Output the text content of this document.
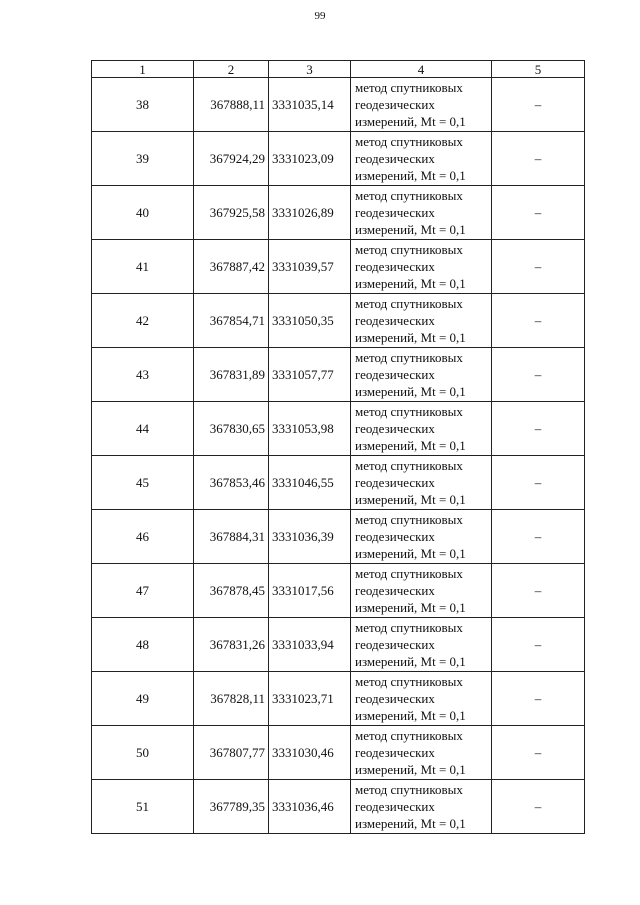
99
1	2	3	4	5
38	367888,11	3331035,14	метод спутниковых
геодезических
измерений, Mt = 0,1	–
39	367924,29	3331023,09	метод спутниковых
геодезических
измерений, Mt = 0,1	–
40	367925,58	3331026,89	метод спутниковых
геодезических
измерений, Mt = 0,1	–
41	367887,42	3331039,57	метод спутниковых
геодезических
измерений, Mt = 0,1	–
42	367854,71	3331050,35	метод спутниковых
геодезических
измерений, Mt = 0,1	–
43	367831,89	3331057,77	метод спутниковых
геодезических
измерений, Mt = 0,1	–
44	367830,65	3331053,98	метод спутниковых
геодезических
измерений, Mt = 0,1	–
45	367853,46	3331046,55	метод спутниковых
геодезических
измерений, Mt = 0,1	–
46	367884,31	3331036,39	метод спутниковых
геодезических
измерений, Mt = 0,1	–
47	367878,45	3331017,56	метод спутниковых
геодезических
измерений, Mt = 0,1	–
48	367831,26	3331033,94	метод спутниковых
геодезических
измерений, Mt = 0,1	–
49	367828,11	3331023,71	метод спутниковых
геодезических
измерений, Mt = 0,1	–
50	367807,77	3331030,46	метод спутниковых
геодезических
измерений, Mt = 0,1	–
51	367789,35	3331036,46	метод спутниковых
геодезических
измерений, Mt = 0,1	–
